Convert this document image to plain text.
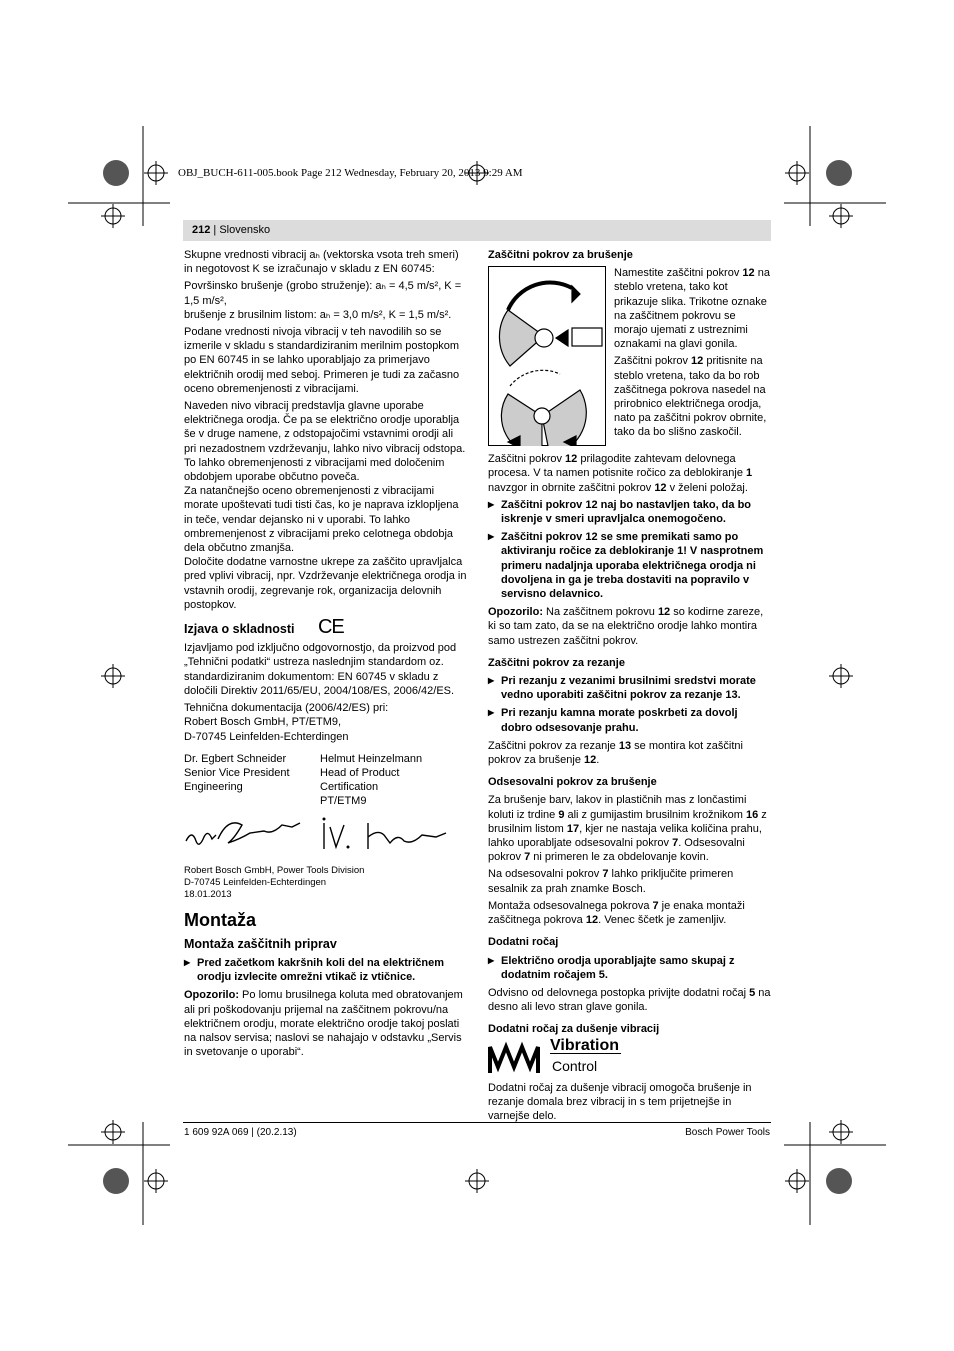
OBJ_BUCH-611-005.book Page 212 Wednesday, February 20, 2013 9:29 AM
212 | Slovensko

Skupne vrednosti vibracij aₕ (vektorska vsota treh smeri) in negotovost K se izračunajo v skladu z EN 60745:

Površinsko brušenje (grobo struženje): aₕ = 4,5 m/s², K = 1,5 m/s²,

brušenje z brusilnim listom: aₕ = 3,0 m/s², K = 1,5 m/s².

Podane vrednosti nivoja vibracij v teh navodilih so se izmerile v skladu s standardiziranim merilnim postopkom po EN 60745 in se lahko uporabljajo za primerjavo električnih orodij med seboj. Primeren je tudi za začasno oceno obremenjenosti z vibracijami.

Naveden nivo vibracij predstavlja glavne uporabe električnega orodja. Če pa se električno orodje uporablja še v druge namene, z odstopajočimi vstavnimi orodji ali pri nezadostnem vzdrževanju, lahko nivo vibracij odstopa. To lahko obremenjenosti z vibracijami med določenim obdobjem uporabe občutno poveča.

Za natančnejšo oceno obremenjenosti z vibracijami morate upoštevati tudi tisti čas, ko je naprava izklopljena in teče, vendar dejansko ni v uporabi. To lahko ombremenjenost z vibracijami preko celotnega obdobja dela občutno zmanjša.

Določite dodatne varnostne ukrepe za zaščito upravljalca pred vplivi vibracij, npr. Vzdrževanje električnega orodja in vstavnih orodij, zegrevanje rok, organizacija delovnih postopkov.

Izjava o skladnosti CE

Izjavljamo pod izključno odgovornostjo, da proizvod pod „Tehnični podatki“ ustreza naslednjim standardom oz. standardiziranim dokumentom: EN 60745 v skladu z določili Direktiv 2011/65/EU, 2004/108/ES, 2006/42/ES.

Tehnična dokumentacija (2006/42/ES) pri:

Robert Bosch GmbH, PT/ETM9,

D-70745 Leinfelden-Echterdingen

Dr. Egbert Schneider
Senior Vice President
Engineering
Helmut Heinzelmann
Head of Product Certification
PT/ETM9

Robert Bosch GmbH, Power Tools Division

D-70745 Leinfelden-Echterdingen

18.01.2013

Montaža
Montaža zaščitnih priprav
▶ Pred začetkom kakršnih koli del na električnem orodju izvlecite omrežni vtikač iz vtičnice.

Opozorilo: Po lomu brusilnega koluta med obratovanjem ali pri poškodovanju prijemal na zaščitnem pokrovu/na električnem orodju, morate električno orodje takoj poslati na nalsov servisa; naslovi se nahajajo v odstavku „Servis in svetovanje o uporabi“.

Zaščitni pokrov za brušenje

Namestite zaščitni pokrov 12 na steblo vretena, tako kot prikazuje slika. Trikotne oznake na zaščitnem pokrovu se morajo ujemati z ustreznimi oznakami na glavi gonila.

Zaščitni pokrov 12 pritisnite na steblo vretena, tako da bo rob zaščitnega pokrova nasedel na prirobnico električnega orodja, nato pa zaščitni pokrov obrnite, tako da bo slišno zaskočil.

Zaščitni pokrov 12 prilagodite zahtevam delovnega procesa. V ta namen potisnite ročico za deblokiranje 1 navzgor in obrnite zaščitni pokrov 12 v želeni položaj.

▶ Zaščitni pokrov 12 naj bo nastavljen tako, da bo iskrenje v smeri upravljalca onemogočeno.
▶ Zaščitni pokrov 12 se sme premikati samo po aktiviranju ročice za deblokiranje 1! V nasprotnem primeru nadaljnja uporaba električnega orodja ni dovoljena in ga je treba dostaviti na popravilo v servisno delavnico.

Opozorilo: Na zaščitnem pokrovu 12 so kodirne zareze, ki so tam zato, da se na električno orodje lahko montira samo ustrezen zaščitni pokrov.

Zaščitni pokrov za rezanje
▶ Pri rezanju z vezanimi brusilnimi sredstvi morate vedno uporabiti zaščitni pokrov za rezanje 13.
▶ Pri rezanju kamna morate poskrbeti za dovolj dobro odsesovanje prahu.

Zaščitni pokrov za rezanje 13 se montira kot zaščitni pokrov za brušenje 12.

Odsesovalni pokrov za brušenje

Za brušenje barv, lakov in plastičnih mas z lončastimi koluti iz trdine 9 ali z gumijastim brusilnim krožnikom 16 z brusilnim listom 17, kjer ne nastaja velika količina prahu, lahko uporabljate odsesovalni pokrov 7. Odsesovalni pokrov 7 ni primeren le za obdelovanje kovin.

Na odsesovalni pokrov 7 lahko priključite primeren sesalnik za prah znamke Bosch.

Montaža odsesovalnega pokrova 7 je enaka montaži zaščitnega pokrova 12. Venec ščetk je zamenljiv.

Dodatni ročaj
▶ Električno orodja uporabljajte samo skupaj z dodatnim ročajem 5.

Odvisno od delovnega postopka privijte dodatni ročaj 5 na desno ali levo stran glave gonila.

Dodatni ročaj za dušenje vibracij
Vibration
Control

Dodatni ročaj za dušenje vibracij omogoča brušenje in rezanje domala brez vibracij in s tem prijetnejše in varnejše delo.

1 609 92A 069 | (20.2.13)	Bosch Power Tools
